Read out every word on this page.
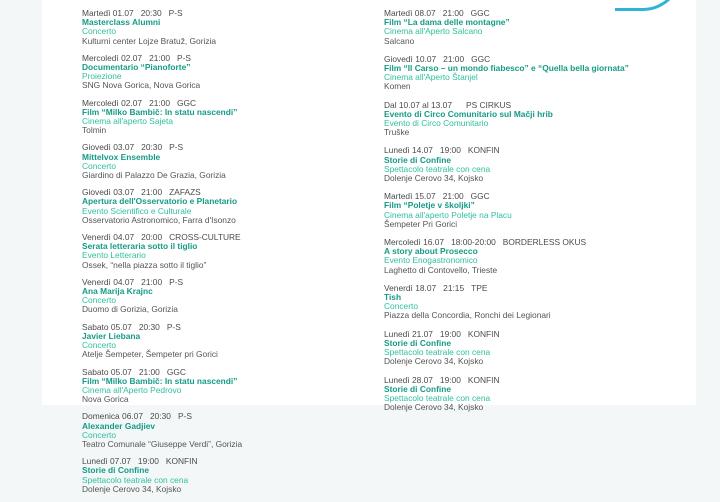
Martedì 01.07 20:30 P-S
Masterclass Alumni
Concerto
Kulturni center Lojze Bratuž, Gorizia
Mercoledì 02.07 21:00 P-S
Documentario “Pianoforte”
Proiezione
SNG Nova Gorica, Nova Gorica
Mercoledì 02.07 21:00 GGC
Film “Milko Bambič: In statu nascendi”
Cinema all'aperto Sajeta
Tolmin
Giovedì 03.07 20:30 P-S
Mittelvox Ensemble
Concerto
Giardino di Palazzo De Grazia, Gorizia
Giovedì 03.07 21:00 ZAFAZS
Apertura dell'Osservatorio e Planetario
Evento Scientifico e Culturale
Osservatorio Astronomico, Farra d'Isonzo
Venerdì 04.07 20:00 CROSS-CULTURE
Serata letteraria sotto il tiglio
Evento Letterario
Ossek, “nella piazza sotto il tiglio”
Venerdì 04.07 21:00 P-S
Ana Marija Krajnc
Concerto
Duomo di Gorizia, Gorizia
Sabato 05.07 20:30 P-S
Javier Liebana
Concerto
Atelje Šempeter, Šempeter pri Gorici
Sabato 05.07 21:00 GGC
Film “Milko Bambič: In statu nascendi”
Cinema all'Aperto Pedrovo
Nova Gorica
Domenica 06.07 20:30 P-S
Alexander Gadjiev
Concerto
Teatro Comunale “Giuseppe Verdi”, Gorizia
Lunedì 07.07 19:00 KONFIN
Storie di Confine
Spettacolo teatrale con cena
Dolenje Cerovo 34, Kojsko
Martedì 08.07 21:00 GGC
Film “La dama delle montagne”
Cinema all'Aperto Salcano
Salcano
Giovedì 10.07 21:00 GGC
Film “Il Carso – un mondo fiabesco” e “Quella bella giornata”
Cinema all'Aperto Štanjel
Komen
Dal 10.07 al 13.07 PS CIRKUS
Evento di Circo Comunitario sul Mačji hrib
Evento di Circo Comunitario
Truške
Lunedì 14.07 19:00 KONFIN
Storie di Confine
Spettacolo teatrale con cena
Dolenje Cerovo 34, Kojsko
Martedì 15.07 21:00 GGC
Film “Poletje v školjki”
Cinema all'aperto Poletje na Placu
Šempeter Pri Gorici
Mercoledì 16.07 18:00-20:00 BORDERLESS OKUS
A story about Prosecco
Evento Enogastronomico
Laghetto di Contovello, Trieste
Venerdì 18.07 21:15 TPE
Tish
Concerto
Piazza della Concordia, Ronchi dei Legionari
Lunedì 21.07 19:00 KONFIN
Storie di Confine
Spettacolo teatrale con cena
Dolenje Cerovo 34, Kojsko
Lunedì 28.07 19:00 KONFIN
Storie di Confine
Spettacolo teatrale con cena
Dolenje Cerovo 34, Kojsko
